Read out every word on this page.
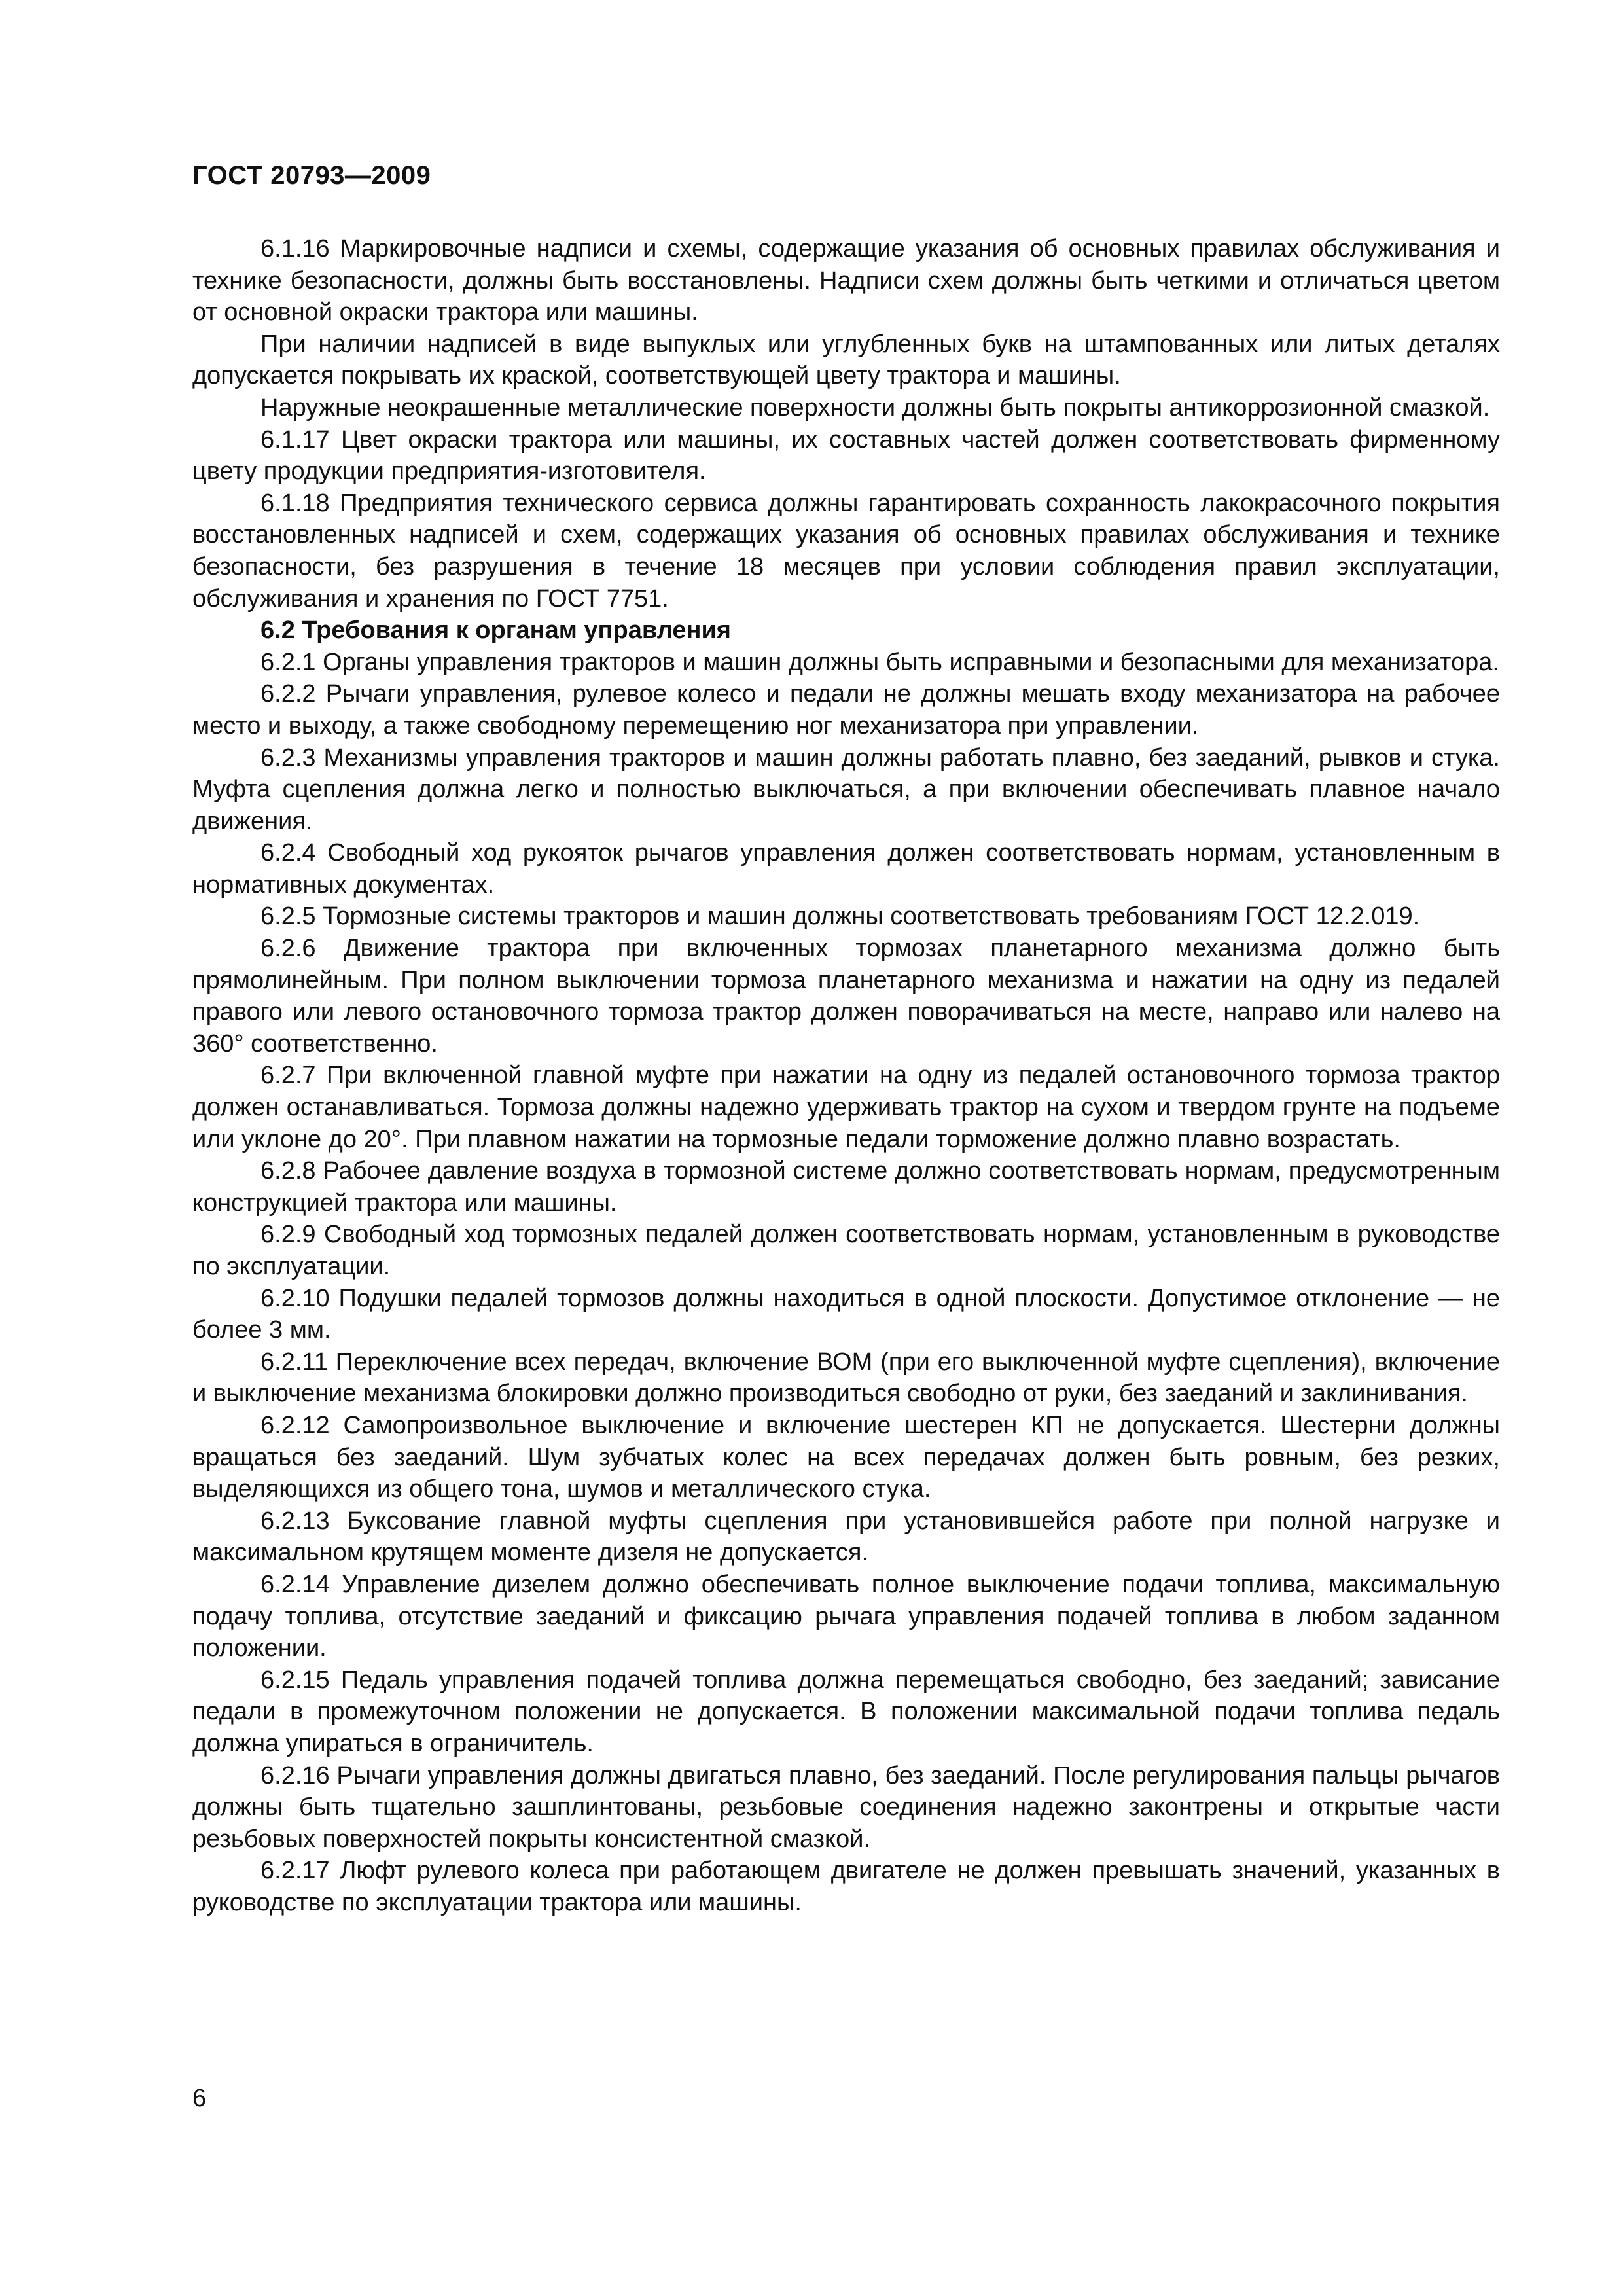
ГОСТ 20793—2009

6.1.16 Маркировочные надписи и схемы, содержащие указания об основных правилах обслуживания и технике безопасности, должны быть восстановлены. Надписи схем должны быть четкими и отличаться цветом от основной окраски трактора или машины.

При наличии надписей в виде выпуклых или углубленных букв на штампованных или литых деталях допускается покрывать их краской, соответствующей цвету трактора и машины.

Наружные неокрашенные металлические поверхности должны быть покрыты антикоррозионной смазкой.

6.1.17 Цвет окраски трактора или машины, их составных частей должен соответствовать фирменному цвету продукции предприятия-изготовителя.

6.1.18 Предприятия технического сервиса должны гарантировать сохранность лакокрасочного покрытия восстановленных надписей и схем, содержащих указания об основных правилах обслуживания и технике безопасности, без разрушения в течение 18 месяцев при условии соблюдения правил эксплуатации, обслуживания и хранения по ГОСТ 7751.

6.2 Требования к органам управления

6.2.1 Органы управления тракторов и машин должны быть исправными и безопасными для механизатора.

6.2.2 Рычаги управления, рулевое колесо и педали не должны мешать входу механизатора на рабочее место и выходу, а также свободному перемещению ног механизатора при управлении.

6.2.3 Механизмы управления тракторов и машин должны работать плавно, без заеданий, рывков и стука. Муфта сцепления должна легко и полностью выключаться, а при включении обеспечивать плавное начало движения.

6.2.4 Свободный ход рукояток рычагов управления должен соответствовать нормам, установленным в нормативных документах.

6.2.5 Тормозные системы тракторов и машин должны соответствовать требованиям ГОСТ 12.2.019.

6.2.6 Движение трактора при включенных тормозах планетарного механизма должно быть прямолинейным. При полном выключении тормоза планетарного механизма и нажатии на одну из педалей правого или левого остановочного тормоза трактор должен поворачиваться на месте, направо или налево на 360° соответственно.

6.2.7 При включенной главной муфте при нажатии на одну из педалей остановочного тормоза трактор должен останавливаться. Тормоза должны надежно удерживать трактор на сухом и твердом грунте на подъеме или уклоне до 20°. При плавном нажатии на тормозные педали торможение должно плавно возрастать.

6.2.8 Рабочее давление воздуха в тормозной системе должно соответствовать нормам, предусмотренным конструкцией трактора или машины.

6.2.9 Свободный ход тормозных педалей должен соответствовать нормам, установленным в руководстве по эксплуатации.

6.2.10 Подушки педалей тормозов должны находиться в одной плоскости. Допустимое отклонение — не более 3 мм.

6.2.11 Переключение всех передач, включение ВОМ (при его выключенной муфте сцепления), включение и выключение механизма блокировки должно производиться свободно от руки, без заеданий и заклинивания.

6.2.12 Самопроизвольное выключение и включение шестерен КП не допускается. Шестерни должны вращаться без заеданий. Шум зубчатых колес на всех передачах должен быть ровным, без резких, выделяющихся из общего тона, шумов и металлического стука.

6.2.13 Буксование главной муфты сцепления при установившейся работе при полной нагрузке и максимальном крутящем моменте дизеля не допускается.

6.2.14 Управление дизелем должно обеспечивать полное выключение подачи топлива, максимальную подачу топлива, отсутствие заеданий и фиксацию рычага управления подачей топлива в любом заданном положении.

6.2.15 Педаль управления подачей топлива должна перемещаться свободно, без заеданий; зависание педали в промежуточном положении не допускается. В положении максимальной подачи топлива педаль должна упираться в ограничитель.

6.2.16 Рычаги управления должны двигаться плавно, без заеданий. После регулирования пальцы рычагов должны быть тщательно зашплинтованы, резьбовые соединения надежно законтрены и открытые части резьбовых поверхностей покрыты консистентной смазкой.

6.2.17 Люфт рулевого колеса при работающем двигателе не должен превышать значений, указанных в руководстве по эксплуатации трактора или машины.

6
